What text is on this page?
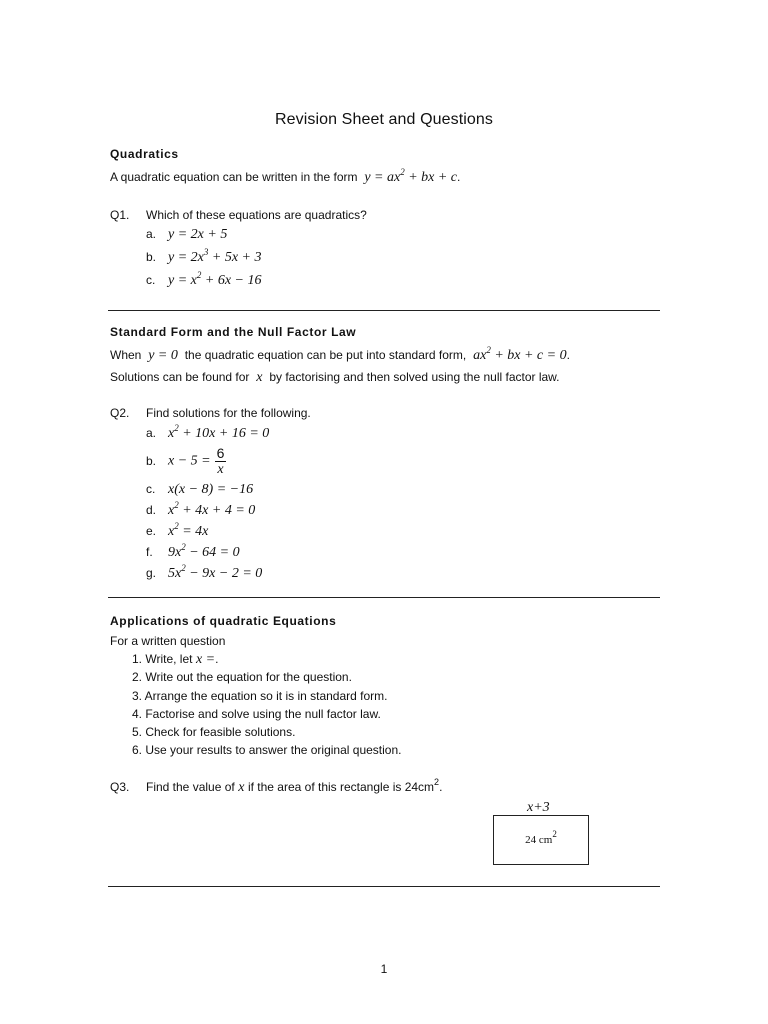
Revision Sheet and Questions
Quadratics
A quadratic equation can be written in the form  $y = ax^2$ + bx + c.
Q1. Which of these equations are quadratics?
a. y = 2x + 5
b. $y = 2x^3 + 5x + 3$
c. $y = x^2 + 6x - 16$
Standard Form and the Null Factor Law
When  y = 0  the quadratic equation can be put into standard form,  $ax^2$ + bx + c = 0.
Solutions can be found for  x  by factorising and then solved using the null factor law.
Q2. Find solutions for the following.
a. $x^2 + 10x + 16 = 0$
b. $x - 5 = \frac{6}{x}$
c. x(x − 8) = −16
d. $x^2 + 4x + 4 = 0$
e. $x^2 = 4x$
f. $9x^2 - 64 = 0$
g. $5x^2 - 9x - 2 = 0$
Applications of quadratic Equations
For a written question
1. Write, let x =.
2. Write out the equation for the question.
3. Arrange the equation so it is in standard form.
4. Factorise and solve using the null factor law.
5. Check for feasible solutions.
6. Use your results to answer the original question.
Q3. Find the value of x if the area of this rectangle is $24cm^2$.
x+3
24 $cm^2$
1
